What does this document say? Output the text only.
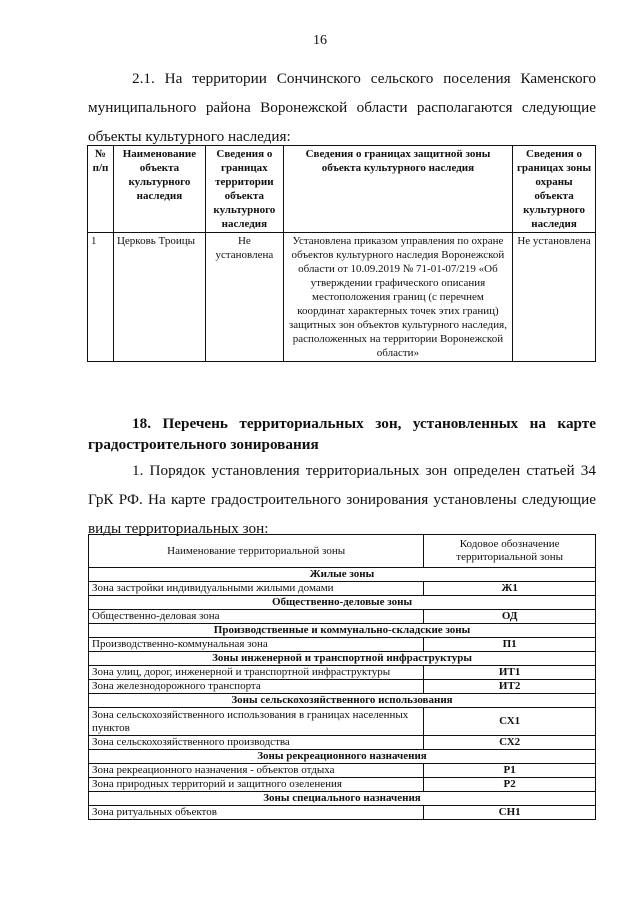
16

2.1. На территории Сончинского сельского поселения Каменского муниципального района Воронежской области располагаются следующие объекты культурного наследия:

№ п/п	Наименование объекта культурного наследия	Сведения о границах территории объекта культурного наследия	Сведения о границах защитной зоны объекта культурного наследия	Сведения о границах зоны охраны объекта культурного наследия
1	Церковь Троицы	Не установлена	Установлена приказом управления по охране объектов культурного наследия Воронежской области от 10.09.2019 № 71-01-07/219 «Об утверждении графического описания местоположения границ (с перечнем координат характерных точек этих границ) защитных зон объектов культурного наследия, расположенных на территории Воронежской области»	Не установлена

18. Перечень территориальных зон, установленных на карте градостроительного зонирования

1. Порядок установления территориальных зон определен статьей 34 ГрК РФ. На карте градостроительного зонирования установлены следующие виды территориальных зон:

Наименование территориальной зоны	Кодовое обозначение территориальной зоны
Жилые зоны	
Зона застройки индивидуальными жилыми домами	Ж1
Общественно-деловые зоны	
Общественно-деловая зона	ОД
Производственные и коммунально-складские зоны	
Производственно-коммунальная зона	П1
Зоны инженерной и транспортной инфраструктуры	
Зона улиц, дорог, инженерной и транспортной инфраструктуры	ИТ1
Зона железнодорожного транспорта	ИТ2
Зоны сельскохозяйственного использования	
Зона сельскохозяйственного использования в границах населенных пунктов	СХ1
Зона сельскохозяйственного производства	СХ2
Зоны рекреационного назначения	
Зона рекреационного назначения - объектов отдыха	Р1
Зона природных территорий и защитного озеленения	Р2
Зоны специального назначения	
Зона ритуальных объектов	СН1
